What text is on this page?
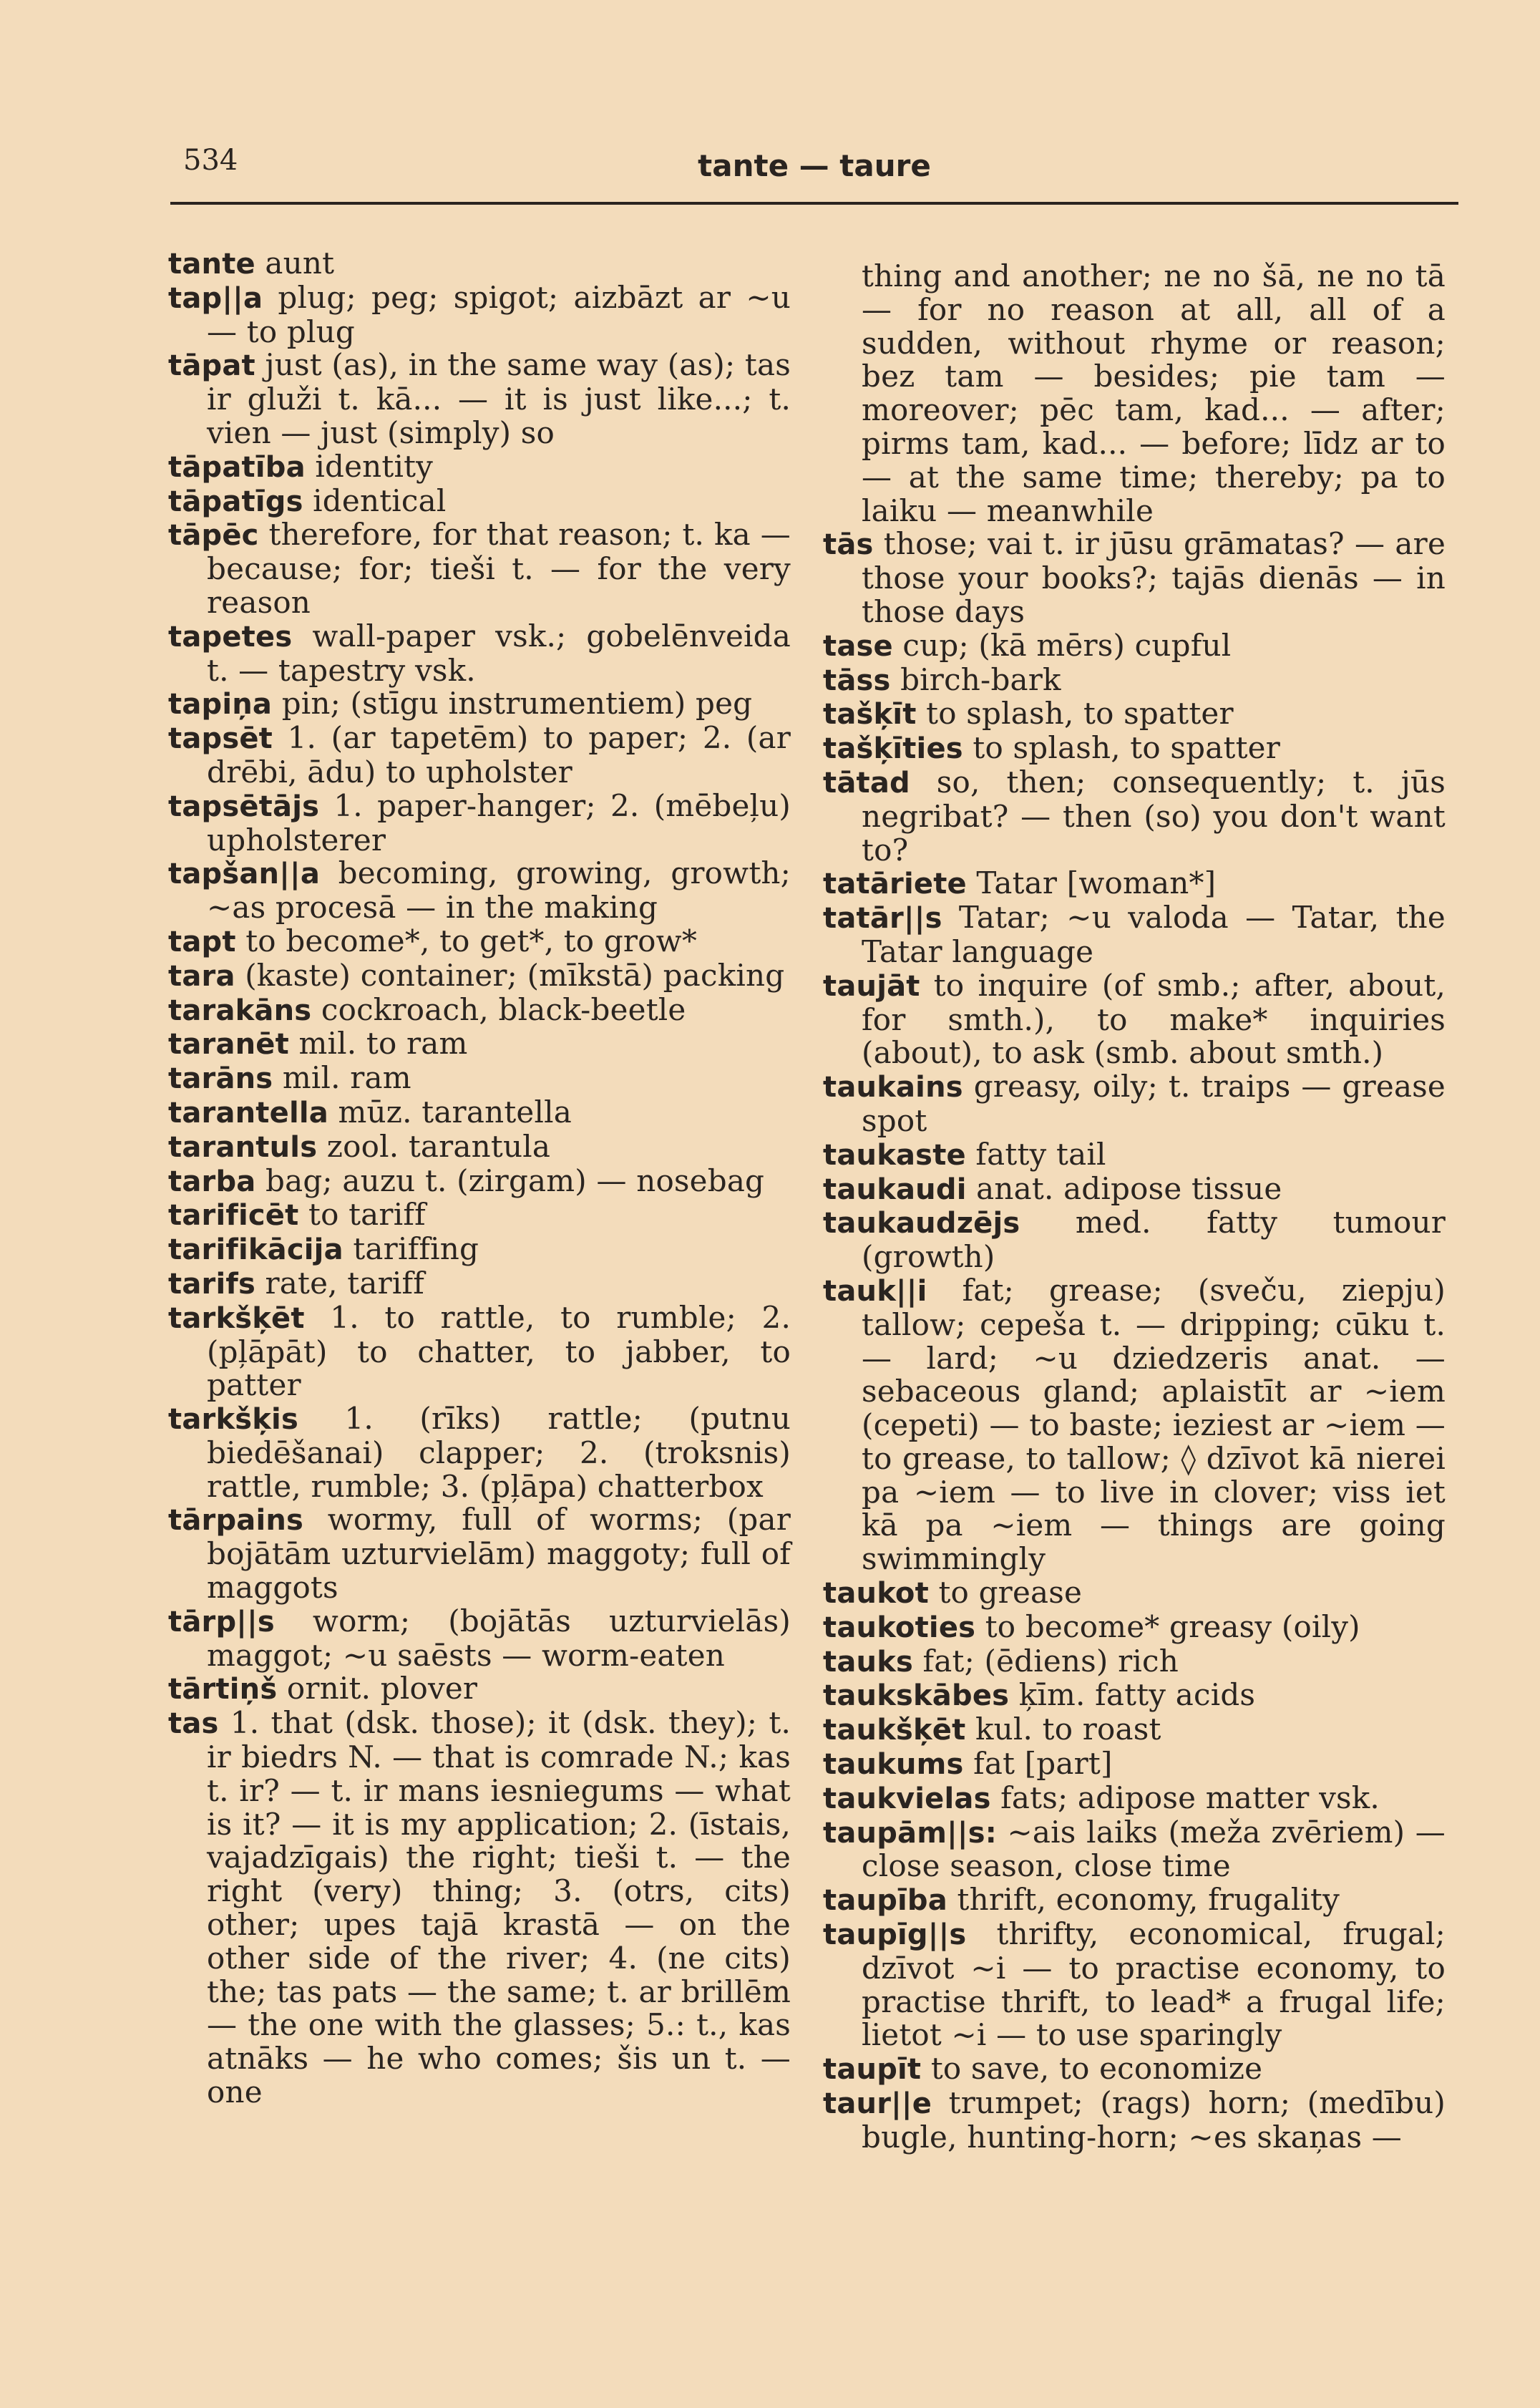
534	tante — taure

tante aunt

tap||a plug; peg; spigot; aizbāzt ar ~u — to plug

tāpat just (as), in the same way (as); tas ir gluži t. kā... — it is just like...; t. vien — just (simply) so

tāpatība identity

tāpatīgs identical

tāpēc therefore, for that reason; t. ka — because; for; tieši t. — for the very reason

tapetes wall-paper vsk.; gobelēnveida t. — tapestry vsk.

tapiņa pin; (stīgu instrumentiem) peg

tapsēt 1. (ar tapetēm) to paper; 2. (ar drēbi, ādu) to upholster

tapsētājs 1. paper-hanger; 2. (mēbeļu) upholsterer

tapšan||a becoming, growing, growth; ~as procesā — in the making

tapt to become*, to get*, to grow*

tara (kaste) container; (mīkstā) packing

tarakāns cockroach, black-beetle

taranēt mil. to ram

tarāns mil. ram

tarantella mūz. tarantella

tarantuls zool. tarantula

tarba bag; auzu t. (zirgam) — nosebag

tarificēt to tariff

tarifikācija tariffing

tarifs rate, tariff

tarkšķēt 1. to rattle, to rumble; 2. (pļāpāt) to chatter, to jabber, to patter

tarkšķis 1. (rīks) rattle; (putnu biedēšanai) clapper; 2. (troksnis) rattle, rumble; 3. (pļāpa) chatterbox

tārpains wormy, full of worms; (par bojātām uzturvielām) maggoty; full of maggots

tārp||s worm; (bojātās uzturvielās) maggot; ~u saēsts — worm-eaten

tārtiņš ornit. plover

tas 1. that (dsk. those); it (dsk. they); t. ir biedrs N. — that is comrade N.; kas t. ir? — t. ir mans iesniegums — what is it? — it is my application; 2. (īstais, vajadzīgais) the right; tieši t. — the right (very) thing; 3. (otrs, cits) other; upes tajā krastā — on the other side of the river; 4. (ne cits) the; tas pats — the same; t. ar brillēm — the one with the glasses; 5.: t., kas atnāks — he who comes; šis un t. — one

thing and another; ne no šā, ne no tā — for no reason at all, all of a sudden, without rhyme or reason; bez tam — besides; pie tam — moreover; pēc tam, kad... — after; pirms tam, kad... — before; līdz ar to — at the same time; thereby; pa to laiku — meanwhile

tās those; vai t. ir jūsu grāmatas? — are those your books?; tajās dienās — in those days

tase cup; (kā mērs) cupful

tāss birch-bark

tašķīt to splash, to spatter

tašķīties to splash, to spatter

tātad so, then; consequently; t. jūs negribat? — then (so) you don't want to?

tatāriete Tatar [woman*]

tatār||s Tatar; ~u valoda — Tatar, the Tatar language

taujāt to inquire (of smb.; after, about, for smth.), to make* inquiries (about), to ask (smb. about smth.)

taukains greasy, oily; t. traips — grease spot

taukaste fatty tail

taukaudi anat. adipose tissue

taukaudzējs med. fatty tumour (growth)

tauk||i fat; grease; (sveču, ziepju) tallow; cepeša t. — dripping; cūku t. — lard; ~u dziedzeris anat. — sebaceous gland; aplaistīt ar ~iem (cepeti) — to baste; ieziest ar ~iem — to grease, to tallow; ◊ dzīvot kā nierei pa ~iem — to live in clover; viss iet kā pa ~iem — things are going swimmingly

taukot to grease

taukoties to become* greasy (oily)

tauks fat; (ēdiens) rich

taukskābes ķīm. fatty acids

taukšķēt kul. to roast

taukums fat [part]

taukvielas fats; adipose matter vsk.

taupām||s: ~ais laiks (meža zvēriem) — close season, close time

taupība thrift, economy, frugality

taupīg||s thrifty, economical, frugal; dzīvot ~i — to practise economy, to practise thrift, to lead* a frugal life; lietot ~i — to use sparingly

taupīt to save, to economize

taur||e trumpet; (rags) horn; (medību) bugle, hunting-horn; ~es skaņas —
